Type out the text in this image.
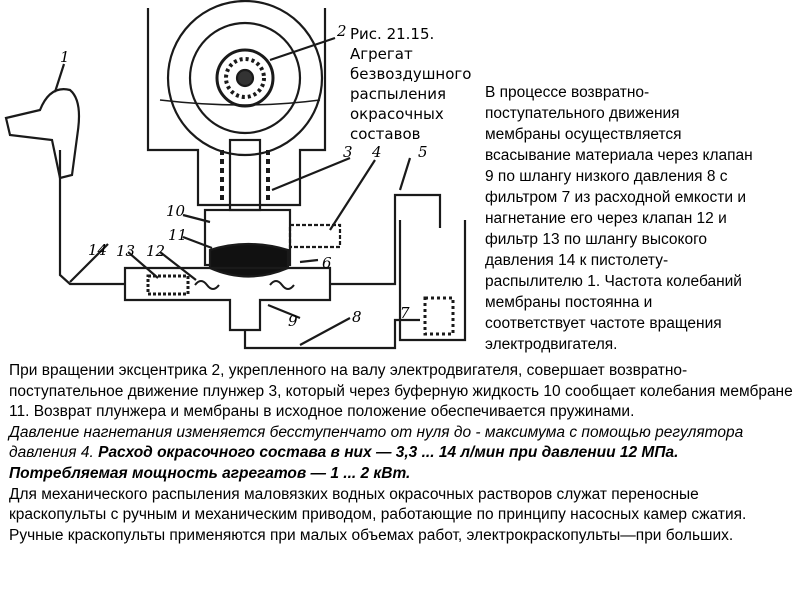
1
2
3 4 5
6
7
8
9
10
11
12
13
14
Рис. 21.15. Агрегат безвоздушного распыления окрасочных составов
В процессе возвратно-
поступательного движения
мембраны осуществляется
всасывание материала через клапан
9 по шлангу низкого давления 8 с
фильтром 7 из расходной емкости и
нагнетание его через клапан 12 и
фильтр 13 по шлангу высокого
давления 14 к пистолету-
распылителю 1. Частота колебаний
мембраны постоянна и
соответствует частоте вращения
электродвигателя.

При вращении эксцентрика 2, укрепленного на валу электродвигателя, совершает возвратно-поступательное движение плунжер 3, который через буферную жидкость 10 сообщает колебания мембране 11. Возврат плунжера и мембраны в исходное положение обеспечивается пружинами.

Давление нагнетания изменяется бесступенчато от нуля до - максимума с помощью регулятора давления 4. Расход окрасочного состава в них — 3,3 ... 14 л/мин при давлении 12 МПа. Потребляемая мощность агрегатов — 1 ... 2 кВт.

Для механического распыления маловязких водных окрасочных растворов служат переносные краскопульты с ручным и механическим приводом, работающие по принципу насосных камер сжатия. Ручные краскопульты применяются при малых объемах работ, электрокраскопульты—при больших.
